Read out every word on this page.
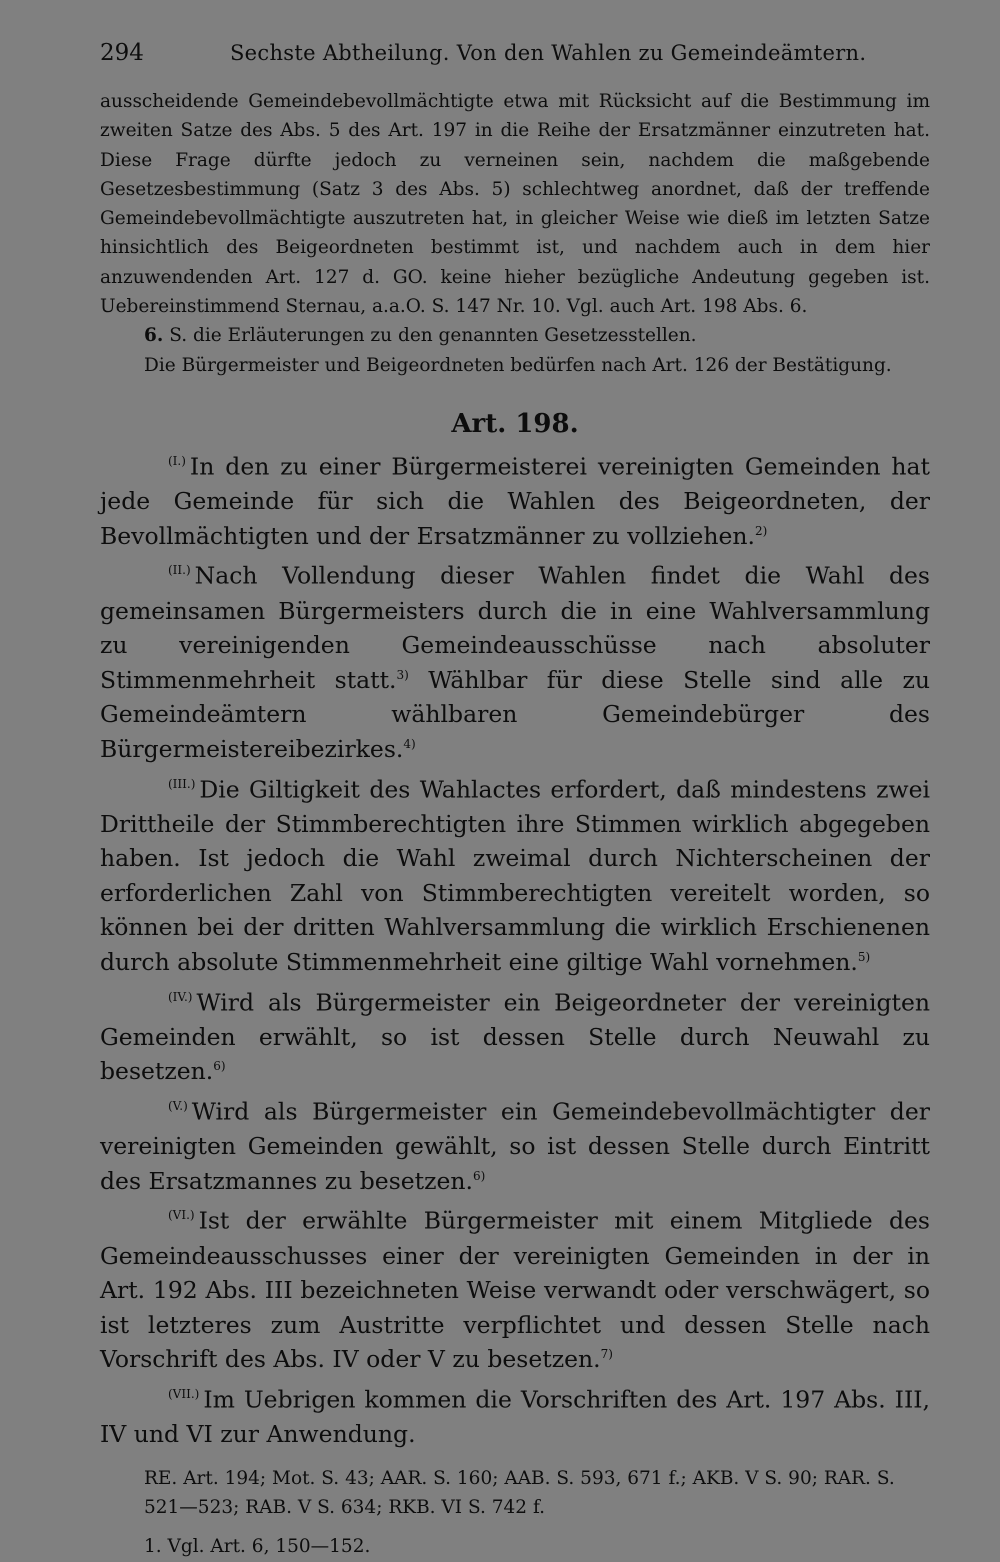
294	Sechste Abtheilung. Von den Wahlen zu Gemeindeämtern.

ausscheidende Gemeindebevollmächtigte etwa mit Rücksicht auf die Bestimmung im zweiten Satze des Abs. 5 des Art. 197 in die Reihe der Ersatzmänner einzutreten hat. Diese Frage dürfte jedoch zu verneinen sein, nachdem die maßgebende Gesetzesbestimmung (Satz 3 des Abs. 5) schlechtweg anordnet, daß der treffende Gemeindebevollmächtigte auszutreten hat, in gleicher Weise wie dieß im letzten Satze hinsichtlich des Beigeordneten bestimmt ist, und nachdem auch in dem hier anzuwendenden Art. 127 d. GO. keine hieher bezügliche Andeutung gegeben ist. Uebereinstimmend Sternau, a.a.O. S. 147 Nr. 10. Vgl. auch Art. 198 Abs. 6.

6. S. die Erläuterungen zu den genannten Gesetzesstellen.

Die Bürgermeister und Beigeordneten bedürfen nach Art. 126 der Bestätigung.

Art. 198.

$^{(I.)}$ In den zu einer Bürgermeisterei vereinigten Gemeinden hat jede Gemeinde für sich die Wahlen des Beigeordneten, der Bevollmächtigten und der Ersatzmänner zu vollziehen.$^{2)}$

$^{(II.)}$ Nach Vollendung dieser Wahlen findet die Wahl des gemeinsamen Bürgermeisters durch die in eine Wahlversammlung zu vereinigenden Gemeindeausschüsse nach absoluter Stimmenmehrheit statt.$^{3)}$ Wählbar für diese Stelle sind alle zu Gemeindeämtern wählbaren Gemeindebürger des Bürgermeistereibezirkes.$^{4)}$

$^{(III.)}$ Die Giltigkeit des Wahlactes erfordert, daß mindestens zwei Drittheile der Stimmberechtigten ihre Stimmen wirklich abgegeben haben. Ist jedoch die Wahl zweimal durch Nichterscheinen der erforderlichen Zahl von Stimmberechtigten vereitelt worden, so können bei der dritten Wahlversammlung die wirklich Erschienenen durch absolute Stimmenmehrheit eine giltige Wahl vornehmen.$^{5)}$

$^{(IV.)}$ Wird als Bürgermeister ein Beigeordneter der vereinigten Gemeinden erwählt, so ist dessen Stelle durch Neuwahl zu besetzen.$^{6)}$

$^{(V.)}$ Wird als Bürgermeister ein Gemeindebevollmächtigter der vereinigten Gemeinden gewählt, so ist dessen Stelle durch Eintritt des Ersatzmannes zu besetzen.$^{6)}$

$^{(VI.)}$ Ist der erwählte Bürgermeister mit einem Mitgliede des Gemeindeausschusses einer der vereinigten Gemeinden in der in Art. 192 Abs. III bezeichneten Weise verwandt oder verschwägert, so ist letzteres zum Austritte verpflichtet und dessen Stelle nach Vorschrift des Abs. IV oder V zu besetzen.$^{7)}$

$^{(VII.)}$ Im Uebrigen kommen die Vorschriften des Art. 197 Abs. III, IV und VI zur Anwendung.

RE. Art. 194; Mot. S. 43; AAR. S. 160; AAB. S. 593, 671 f.; AKB. V S. 90; RAR. S. 521—523; RAB. V S. 634; RKB. VI S. 742 f.

1. Vgl. Art. 6, 150—152.
